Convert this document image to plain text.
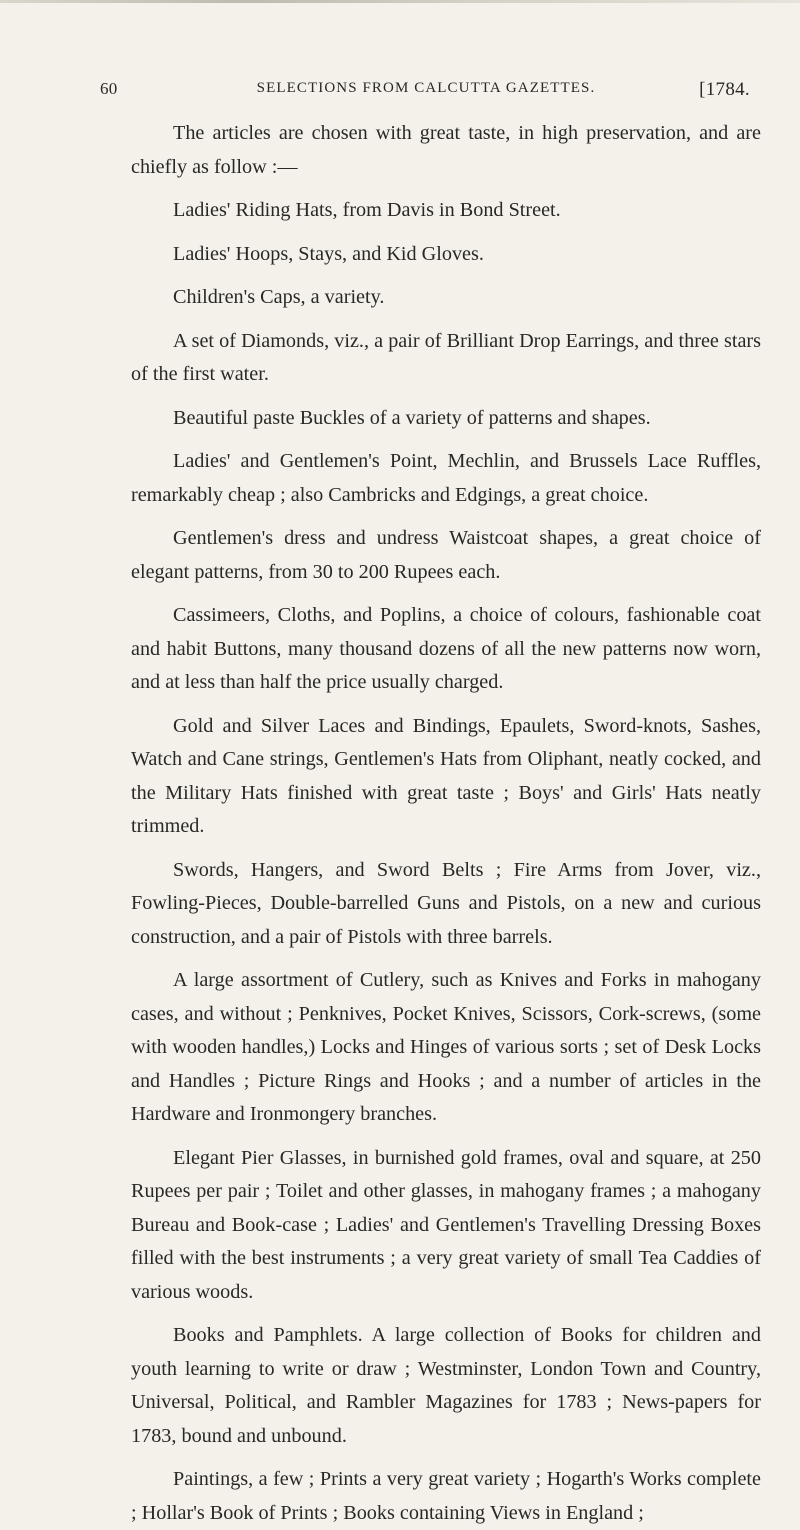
60	SELECTIONS FROM CALCUTTA GAZETTES.	[1784.

The articles are chosen with great taste, in high preservation, and are chiefly as follow :—

Ladies' Riding Hats, from Davis in Bond Street.

Ladies' Hoops, Stays, and Kid Gloves.

Children's Caps, a variety.

A set of Diamonds, viz., a pair of Brilliant Drop Earrings, and three stars of the first water.

Beautiful paste Buckles of a variety of patterns and shapes.

Ladies' and Gentlemen's Point, Mechlin, and Brussels Lace Ruffles, remarkably cheap ; also Cambricks and Edgings, a great choice.

Gentlemen's dress and undress Waistcoat shapes, a great choice of elegant patterns, from 30 to 200 Rupees each.

Cassimeers, Cloths, and Poplins, a choice of colours, fashionable coat and habit Buttons, many thousand dozens of all the new patterns now worn, and at less than half the price usually charged.

Gold and Silver Laces and Bindings, Epaulets, Sword-knots, Sashes, Watch and Cane strings, Gentlemen's Hats from Oliphant, neatly cocked, and the Military Hats finished with great taste ; Boys' and Girls' Hats neatly trimmed.

Swords, Hangers, and Sword Belts ; Fire Arms from Jover, viz., Fowling-Pieces, Double-barrelled Guns and Pistols, on a new and curious construction, and a pair of Pistols with three barrels.

A large assortment of Cutlery, such as Knives and Forks in mahogany cases, and without ; Penknives, Pocket Knives, Scissors, Cork-screws, (some with wooden handles,) Locks and Hinges of various sorts ; set of Desk Locks and Handles ; Picture Rings and Hooks ; and a number of articles in the Hardware and Ironmongery branches.

Elegant Pier Glasses, in burnished gold frames, oval and square, at 250 Rupees per pair ; Toilet and other glasses, in mahogany frames ; a mahogany Bureau and Book-case ; Ladies' and Gentlemen's Travelling Dressing Boxes filled with the best instruments ; a very great variety of small Tea Caddies of various woods.

Books and Pamphlets. A large collection of Books for children and youth learning to write or draw ; Westminster, London Town and Country, Universal, Political, and Rambler Magazines for 1783 ; News-papers for 1783, bound and unbound.

Paintings, a few ; Prints a very great variety ; Hogarth's Works complete ; Hollar's Book of Prints ; Books containing Views in England ;
